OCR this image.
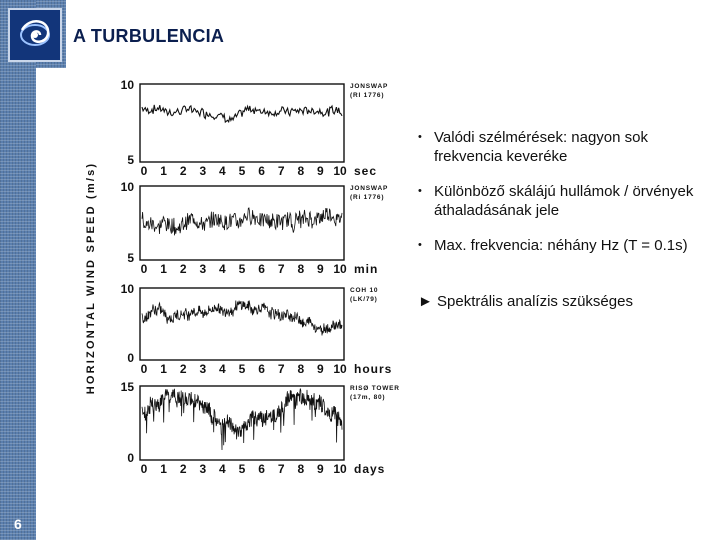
A TURBULENCIA
6
HORIZONTAL WIND SPEED (m/s)
10
5
0 1 2 3 4 5 6 7 8 9 10 sec
JONSWAP
(RI 1776)
10
5
0 1 2 3 4 5 6 7 8 9 10 min
JONSWAP
(Ri 1776)
10
0
0 1 2 3 4 5 6 7 8 9 10 hours
COH 10
(LK/79)
15
0
0 1 2 3 4 5 6 7 8 9 10 days
RISØ TOWER
(17m, 80)
• Valódi szélmérések: nagyon sok frekvencia keveréke
• Különböző skálájú hullámok / örvények áthaladásának jele
• Max. frekvencia: néhány Hz (T = 0.1s)
► Spektrális analízis szükséges
